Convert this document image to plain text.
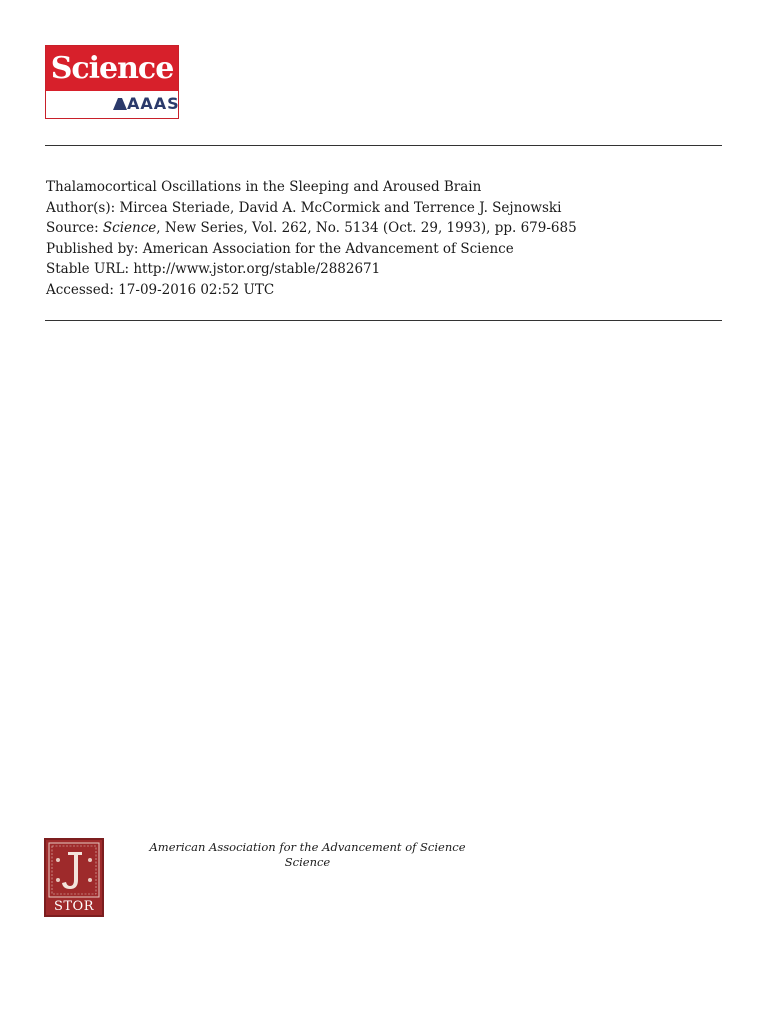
Science
AAAS
Thalamocortical Oscillations in the Sleeping and Aroused Brain
Author(s): Mircea Steriade, David A. McCormick and Terrence J. Sejnowski
Source: Science, New Series, Vol. 262, No. 5134 (Oct. 29, 1993), pp. 679-685
Published by: American Association for the Advancement of Science
Stable URL: http://www.jstor.org/stable/2882671
Accessed: 17-09-2016 02:52 UTC
STOR
American Association for the Advancement of Science
Science
